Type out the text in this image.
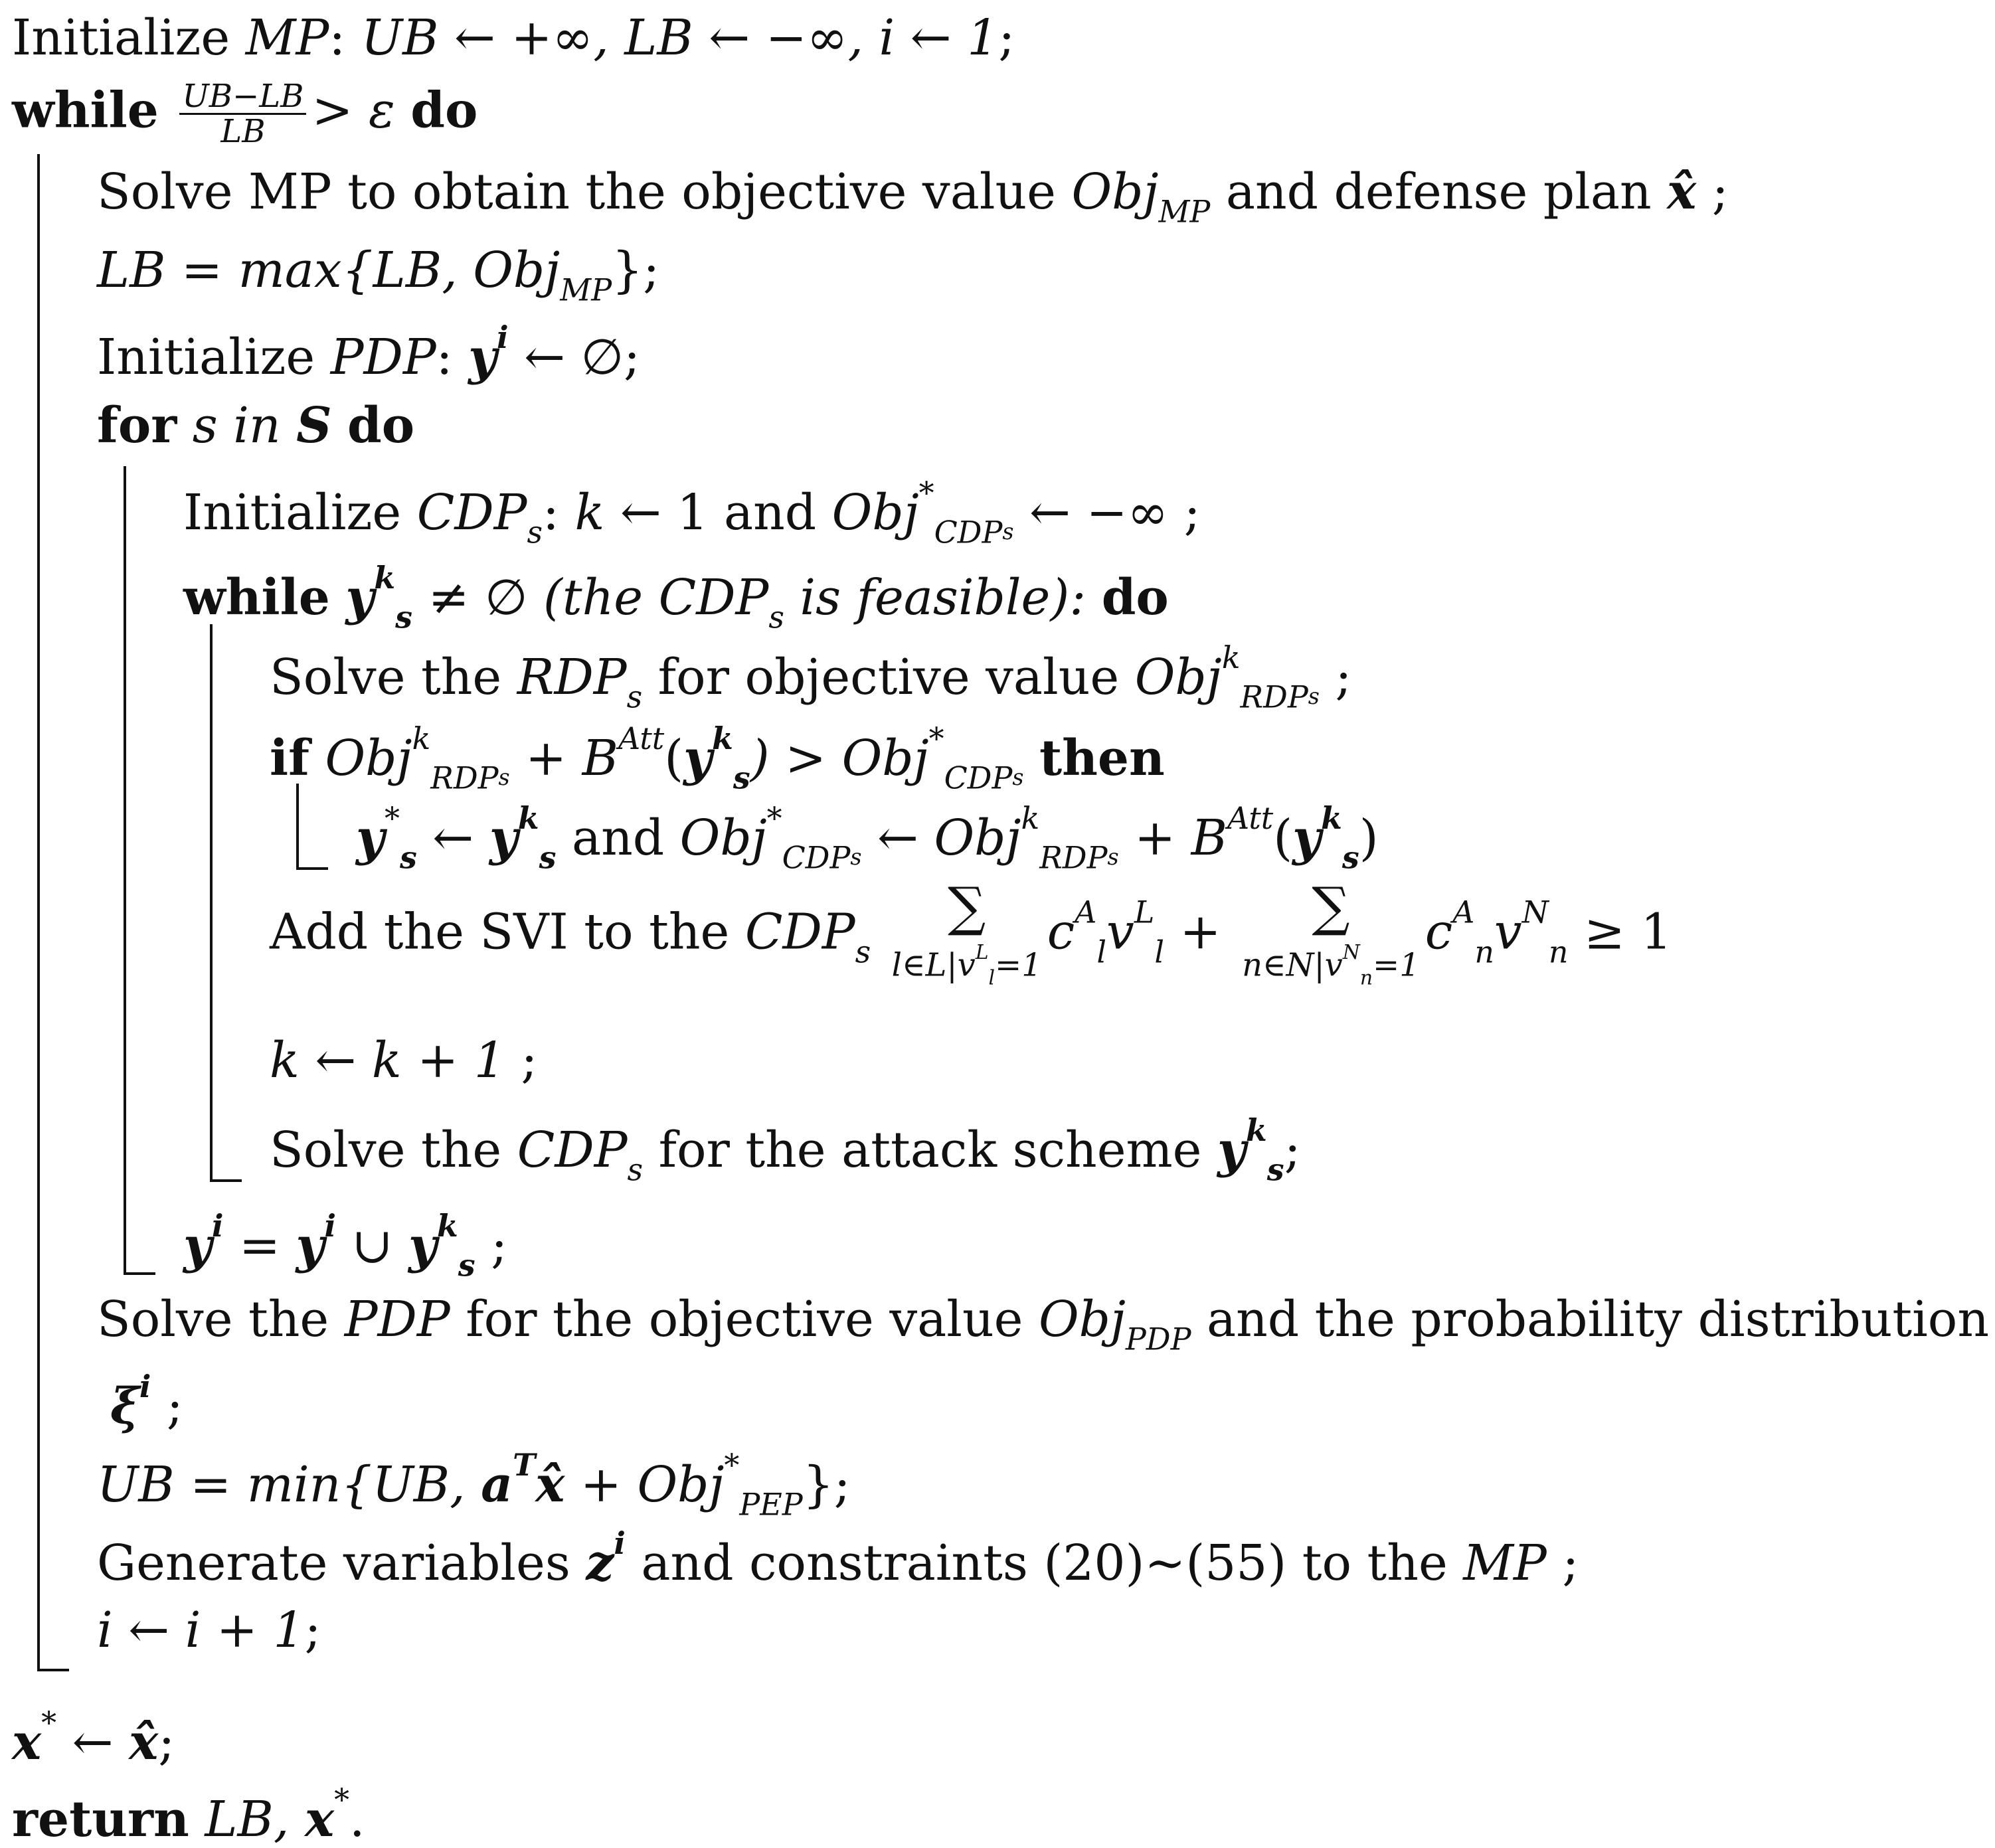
Initialize MP: UB ← +∞, LB ← −∞, i ← 1;
while $\frac{UB-LB}{LB} > \varepsilon$ do
Solve MP to obtain the objective value Obj$_{MP}$ and defense plan x̂ ;
LB = max{LB, Obj$_{MP}$};
Initialize PDP: $y^i$ ← ∅;
for s in S do
Initialize $CDP_s$: k ← 1 and Obj*$_{CDPs}$ ← −∞ ;
while $y^k_s$ ≠ ∅ (the $CDP_s$ is feasible): do
Solve the $RDP_s$ for objective value Obj$^k_{RDPs}$ ;
if $Obj^k_{RDPs} + B^{Att}(y^k_s) > Obj^*_{CDPs}$ then
$y^*_s$ ← $y^k_s$ and Obj*$_{CDPs}$ ← $Obj^k_{RDPs} + B^{Att}(y^k_s)$
Add the SVI to the $CDP_s$
∑
$l\in L|v^L_l=1$
$c^A_lv^L_l$ +	∑
$n\in N|v^N_n=1$
$c^A_nv^N_n \ge 1$
k ← k + 1 ;
Solve the $CDP_s$ for the attack scheme $y^k_s$;
$y^i = y^i$ ∪ $y^k_s$ ;
Solve the PDP for the objective value Obj$_{PDP}$ and the probability distribution
$\xi^i$ ;
UB = min{UB, $a^Tx̂ + Obj^*_{PEP}$};
Generate variables $z^i$ and constraints (20)∼(55) to the MP ;
i ← i + 1;
x* ← x̂;
return LB, x*.
